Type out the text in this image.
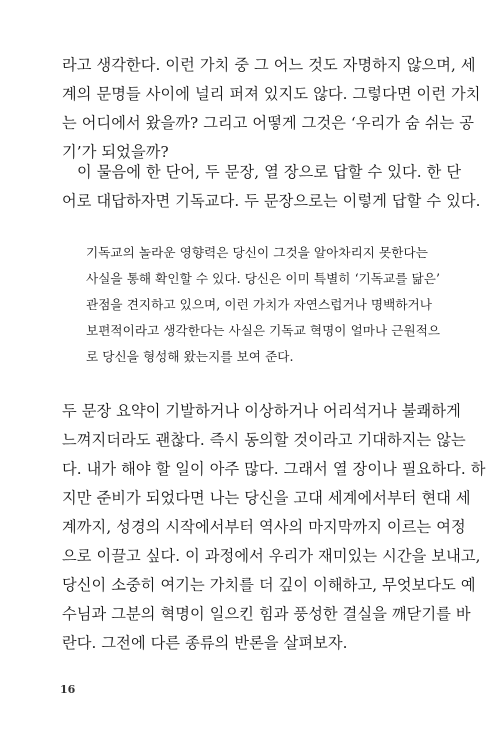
라고 생각한다. 이런 가치 중 그 어느 것도 자명하지 않으며, 세
계의 문명들 사이에 널리 퍼져 있지도 않다. 그렇다면 이런 가치
는 어디에서 왔을까? 그리고 어떻게 그것은 ‘우리가 숨 쉬는 공
기’가 되었을까?
이 물음에 한 단어, 두 문장, 열 장으로 답할 수 있다. 한 단
어로 대답하자면 기독교다. 두 문장으로는 이렇게 답할 수 있다.
기독교의 놀라운 영향력은 당신이 그것을 알아차리지 못한다는
사실을 통해 확인할 수 있다. 당신은 이미 특별히 ‘기독교를 닮은’
관점을 견지하고 있으며, 이런 가치가 자연스럽거나 명백하거나
보편적이라고 생각한다는 사실은 기독교 혁명이 얼마나 근원적으
로 당신을 형성해 왔는지를 보여 준다.
두 문장 요약이 기발하거나 이상하거나 어리석거나 불쾌하게
느껴지더라도 괜찮다. 즉시 동의할 것이라고 기대하지는 않는
다. 내가 해야 할 일이 아주 많다. 그래서 열 장이나 필요하다. 하
지만 준비가 되었다면 나는 당신을 고대 세계에서부터 현대 세
계까지, 성경의 시작에서부터 역사의 마지막까지 이르는 여정
으로 이끌고 싶다. 이 과정에서 우리가 재미있는 시간을 보내고,
당신이 소중히 여기는 가치를 더 깊이 이해하고, 무엇보다도 예
수님과 그분의 혁명이 일으킨 힘과 풍성한 결실을 깨닫기를 바
란다. 그전에 다른 종류의 반론을 살펴보자.
16
